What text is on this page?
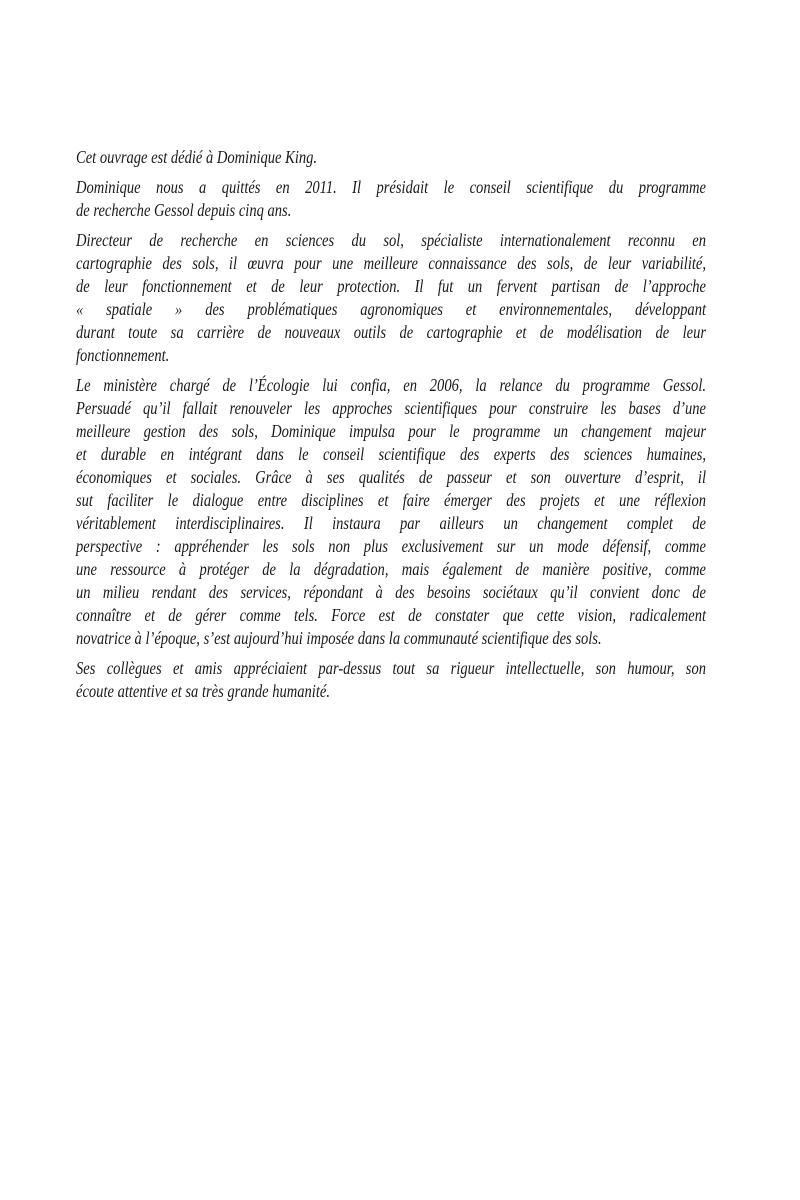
Cet ouvrage est dédié à Dominique King.
Dominique nous a quittés en 2011. Il présidait le conseil scientifique du programme
de recherche Gessol depuis cinq ans.
Directeur de recherche en sciences du sol, spécialiste internationalement reconnu en
cartographie des sols, il œuvra pour une meilleure connaissance des sols, de leur variabilité,
de leur fonctionnement et de leur protection. Il fut un fervent partisan de l’approche
« spatiale » des problématiques agronomiques et environnementales, développant
durant toute sa carrière de nouveaux outils de cartographie et de modélisation de leur
fonctionnement.
Le ministère chargé de l’Écologie lui confia, en 2006, la relance du programme Gessol.
Persuadé qu’il fallait renouveler les approches scientifiques pour construire les bases d’une
meilleure gestion des sols, Dominique impulsa pour le programme un changement majeur
et durable en intégrant dans le conseil scientifique des experts des sciences humaines,
économiques et sociales. Grâce à ses qualités de passeur et son ouverture d’esprit, il
sut faciliter le dialogue entre disciplines et faire émerger des projets et une réflexion
véritablement interdisciplinaires. Il instaura par ailleurs un changement complet de
perspective : appréhender les sols non plus exclusivement sur un mode défensif, comme
une ressource à protéger de la dégradation, mais également de manière positive, comme
un milieu rendant des services, répondant à des besoins sociétaux qu’il convient donc de
connaître et de gérer comme tels. Force est de constater que cette vision, radicalement
novatrice à l’époque, s’est aujourd’hui imposée dans la communauté scientifique des sols.
Ses collègues et amis appréciaient par-dessus tout sa rigueur intellectuelle, son humour, son
écoute attentive et sa très grande humanité.
